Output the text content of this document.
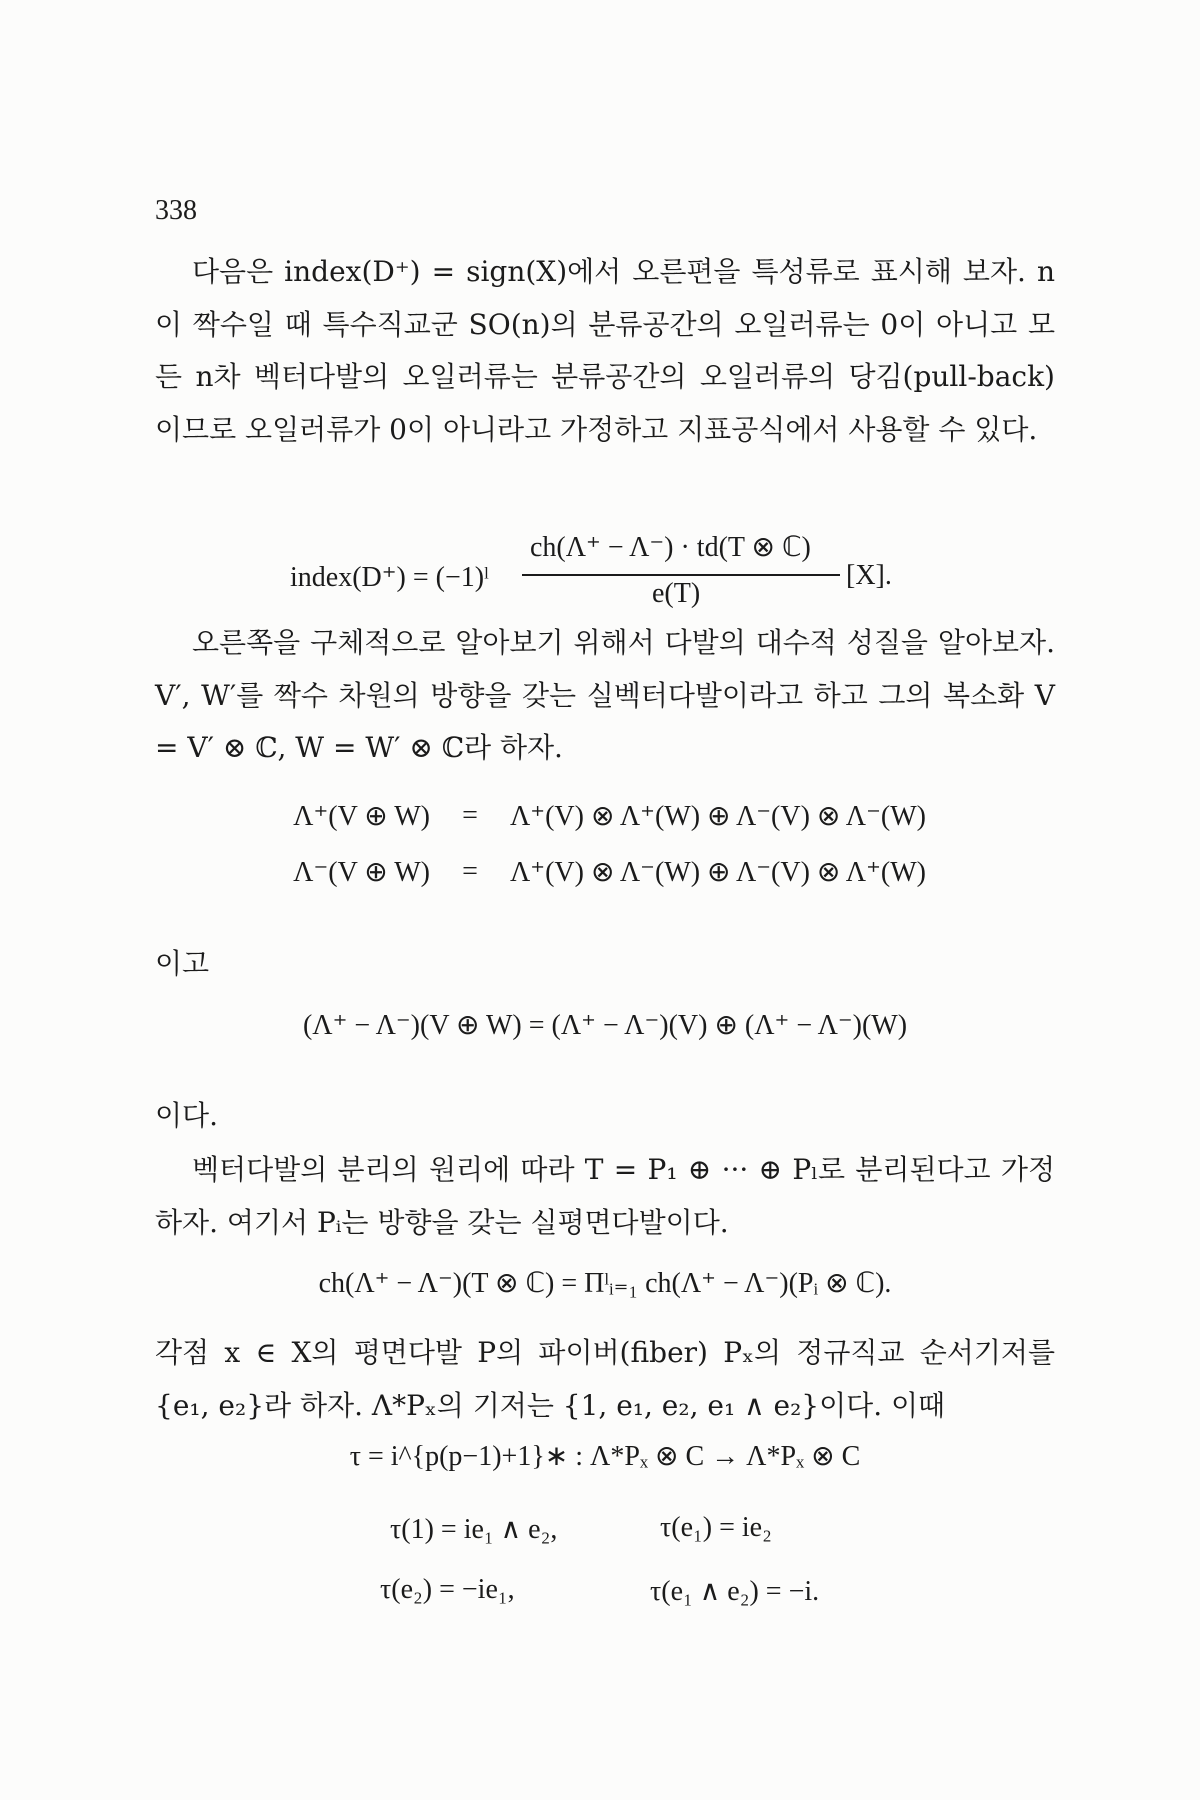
338

다음은 index(D⁺) = sign(X)에서 오른편을 특성류로 표시해 보자. n이 짝수일 때 특수직교군 SO(n)의 분류공간의 오일러류는 0이 아니고 모든 n차 벡터다발의 오일러류는 분류공간의 오일러류의 당김(pull-back) 이므로 오일러류가 0이 아니라고 가정하고 지표공식에서 사용할 수 있다.

index(D⁺) = (−1)ˡ
ch(Λ⁺ − Λ⁻) · td(T ⊗ ℂ)
e(T)
[X].

오른쪽을 구체적으로 알아보기 위해서 다발의 대수적 성질을 알아보자. V′, W′를 짝수 차원의 방향을 갖는 실벡터다발이라고 하고 그의 복소화 V = V′ ⊗ ℂ, W = W′ ⊗ ℂ라 하자.

Λ⁺(V ⊕ W)	=	Λ⁺(V) ⊗ Λ⁺(W) ⊕ Λ⁻(V) ⊗ Λ⁻(W)
Λ⁻(V ⊕ W)	=	Λ⁺(V) ⊗ Λ⁻(W) ⊕ Λ⁻(V) ⊗ Λ⁺(W)
이고
(Λ⁺ − Λ⁻)(V ⊕ W) = (Λ⁺ − Λ⁻)(V) ⊕ (Λ⁺ − Λ⁻)(W)
이다.

벡터다발의 분리의 원리에 따라 T = P₁ ⊕ ··· ⊕ Pₗ로 분리된다고 가정하자. 여기서 Pᵢ는 방향을 갖는 실평면다발이다.

ch(Λ⁺ − Λ⁻)(T ⊗ ℂ) = Πˡᵢ₌₁ ch(Λ⁺ − Λ⁻)(Pᵢ ⊗ ℂ).

각점 x ∈ X의 평면다발 P의 파이버(fiber) Pₓ의 정규직교 순서기저를 {e₁, e₂}라 하자. Λ*Pₓ의 기저는 {1, e₁, e₂, e₁ ∧ e₂}이다. 이때

τ = i^{p(p−1)+1}∗ : Λ*Pₓ ⊗ C → Λ*Pₓ ⊗ C
τ(1) = ie₁ ∧ e₂,	τ(e₁) = ie₂
τ(e₂) = −ie₁,	τ(e₁ ∧ e₂) = −i.
